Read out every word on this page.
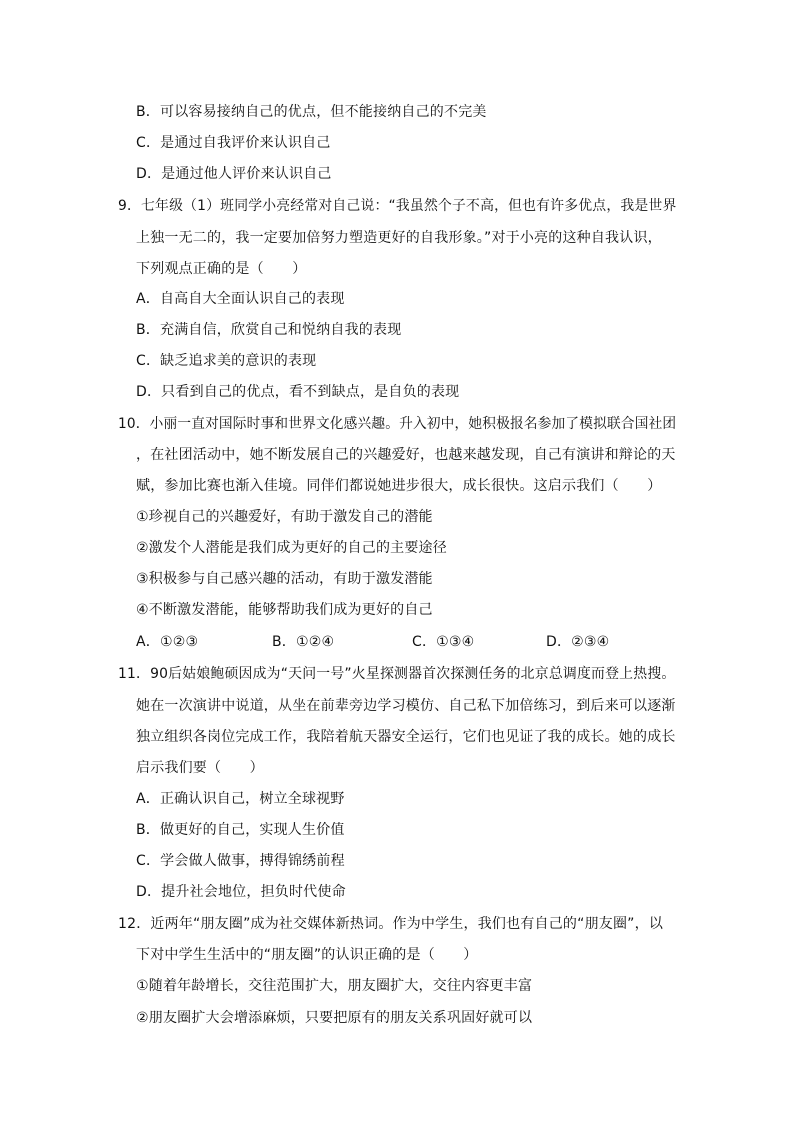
B．可以容易接纳自己的优点，但不能接纳自己的不完美
C．是通过自我评价来认识自己
D．是通过他人评价来认识自己
9．七年级（1）班同学小亮经常对自己说：“我虽然个子不高，但也有许多优点，我是世界
上独一无二的，我一定要加倍努力塑造更好的自我形象。”对于小亮的这种自我认识，
下列观点正确的是（　　）
A．自高自大全面认识自己的表现
B．充满自信，欣赏自己和悦纳自我的表现
C．缺乏追求美的意识的表现
D．只看到自己的优点，看不到缺点，是自负的表现
10．小丽一直对国际时事和世界文化感兴趣。升入初中，她积极报名参加了模拟联合国社团
，在社团活动中，她不断发展自己的兴趣爱好，也越来越发现，自己有演讲和辩论的天
赋，参加比赛也渐入佳境。同伴们都说她进步很大，成长很快。这启示我们（　　）
①珍视自己的兴趣爱好，有助于激发自己的潜能
②激发个人潜能是我们成为更好的自己的主要途径
③积极参与自己感兴趣的活动，有助于激发潜能
④不断激发潜能，能够帮助我们成为更好的自己
A．①②③	B．①②④	C．①③④	D．②③④
11．90后姑娘鲍硕因成为“天问一号”火星探测器首次探测任务的北京总调度而登上热搜。
她在一次演讲中说道，从坐在前辈旁边学习模仿、自己私下加倍练习，到后来可以逐渐
独立组织各岗位完成工作，我陪着航天器安全运行，它们也见证了我的成长。她的成长
启示我们要（　　）
A．正确认识自己，树立全球视野
B．做更好的自己，实现人生价值
C．学会做人做事，搏得锦绣前程
D．提升社会地位，担负时代使命
12．近两年“朋友圈”成为社交媒体新热词。作为中学生，我们也有自己的“朋友圈”，以
下对中学生生活中的“朋友圈”的认识正确的是（　　）
①随着年龄增长，交往范围扩大，朋友圈扩大，交往内容更丰富
②朋友圈扩大会增添麻烦，只要把原有的朋友关系巩固好就可以
